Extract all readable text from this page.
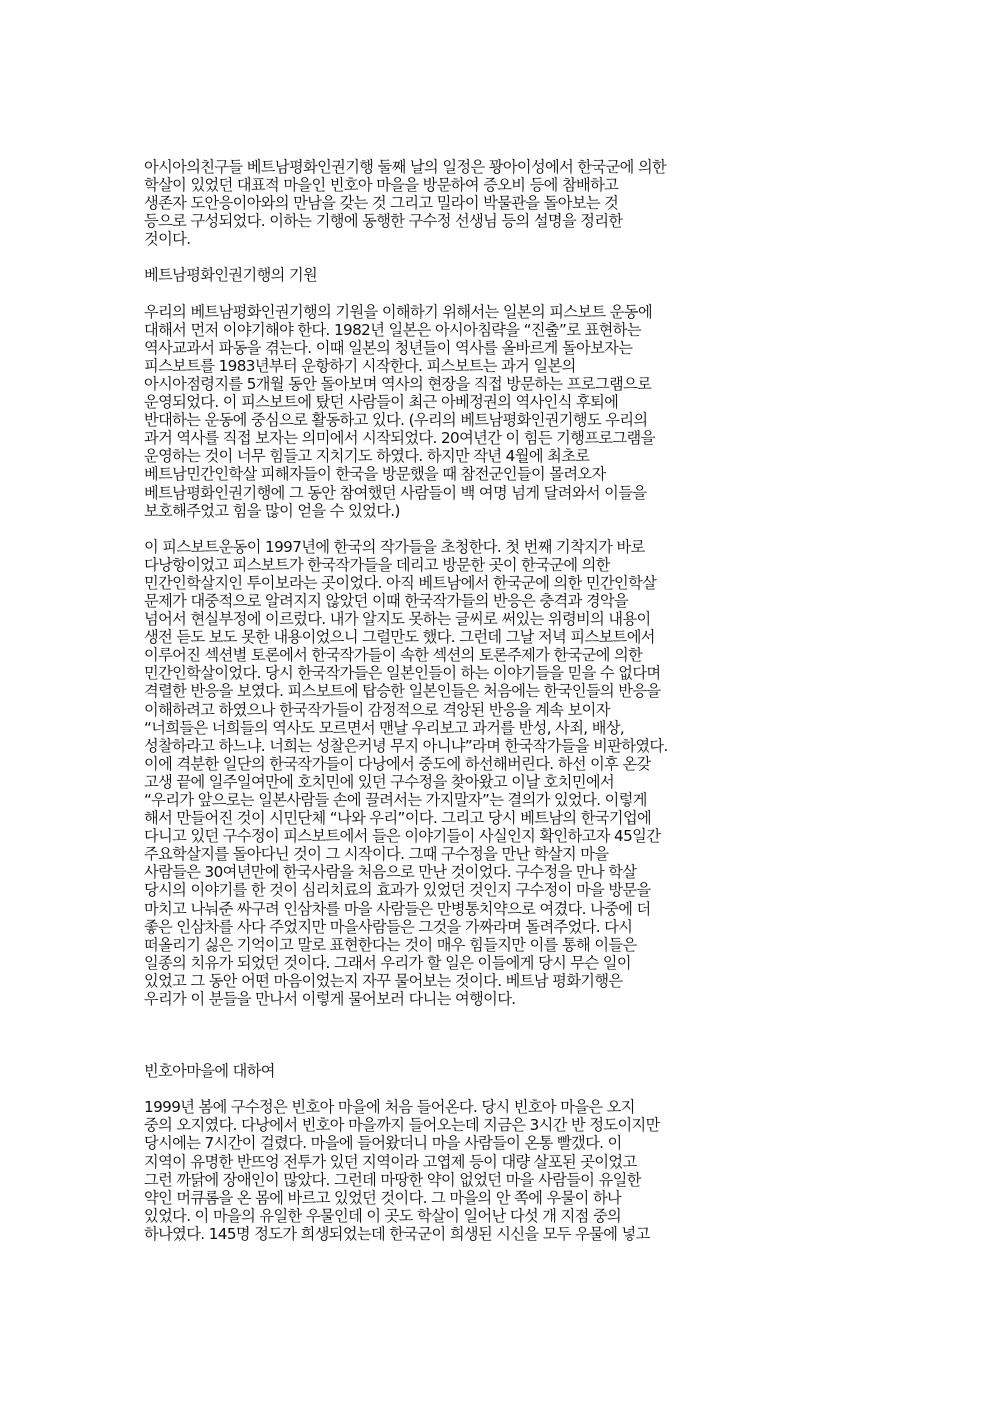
아시아의친구들 베트남평화인권기행 둘째 날의 일정은 꽝아이성에서 한국군에 의한
학살이 있었던 대표적 마을인 빈호아 마을을 방문하여 증오비 등에 참배하고
생존자 도안응이아와의 만남을 갖는 것 그리고 밀라이 박물관을 돌아보는 것
등으로 구성되었다. 이하는 기행에 동행한 구수정 선생님 등의 설명을 정리한
것이다.
베트남평화인권기행의 기원
우리의 베트남평화인권기행의 기원을 이해하기 위해서는 일본의 피스보트 운동에
대해서 먼저 이야기해야 한다. 1982년 일본은 아시아침략을 “진출”로 표현하는
역사교과서 파동을 겪는다. 이때 일본의 청년들이 역사를 올바르게 돌아보자는
피스보트를 1983년부터 운항하기 시작한다. 피스보트는 과거 일본의
아시아점령지를 5개월 동안 돌아보며 역사의 현장을 직접 방문하는 프로그램으로
운영되었다. 이 피스보트에 탔던 사람들이 최근 아베정권의 역사인식 후퇴에
반대하는 운동에 중심으로 활동하고 있다. (우리의 베트남평화인권기행도 우리의
과거 역사를 직접 보자는 의미에서 시작되었다. 20여년간 이 힘든 기행프로그램을
운영하는 것이 너무 힘들고 지치기도 하였다. 하지만 작년 4월에 최초로
베트남민간인학살 피해자들이 한국을 방문했을 때 참전군인들이 몰려오자
베트남평화인권기행에 그 동안 참여했던 사람들이 백 여명 넘게 달려와서 이들을
보호해주었고 힘을 많이 얻을 수 있었다.)
이 피스보트운동이 1997년에 한국의 작가들을 초청한다. 첫 번째 기착지가 바로
다낭항이었고 피스보트가 한국작가들을 데리고 방문한 곳이 한국군에 의한
민간인학살지인 투이보라는 곳이었다. 아직 베트남에서 한국군에 의한 민간인학살
문제가 대중적으로 알려지지 않았던 이때 한국작가들의 반응은 충격과 경악을
넘어서 현실부정에 이르렀다. 내가 알지도 못하는 글씨로 써있는 위령비의 내용이
생전 듣도 보도 못한 내용이었으니 그럴만도 했다. 그런데 그날 저녁 피스보트에서
이루어진 섹션별 토론에서 한국작가들이 속한 섹션의 토론주제가 한국군에 의한
민간인학살이었다. 당시 한국작가들은 일본인들이 하는 이야기들을 믿을 수 없다며
격렬한 반응을 보였다. 피스보트에 탑승한 일본인들은 처음에는 한국인들의 반응을
이해하려고 하였으나 한국작가들이 감정적으로 격앙된 반응을 계속 보이자
“너희들은 너희들의 역사도 모르면서 맨날 우리보고 과거를 반성, 사죄, 배상,
성찰하라고 하느냐. 너희는 성찰은커녕 무지 아니냐”라며 한국작가들을 비판하였다.
이에 격분한 일단의 한국작가들이 다낭에서 중도에 하선해버린다. 하선 이후 온갖
고생 끝에 일주일여만에 호치민에 있던 구수정을 찾아왔고 이날 호치민에서
“우리가 앞으로는 일본사람들 손에 끌려서는 가지말자”는 결의가 있었다. 이렇게
해서 만들어진 것이 시민단체 “나와 우리”이다. 그리고 당시 베트남의 한국기업에
다니고 있던 구수정이 피스보트에서 들은 이야기들이 사실인지 확인하고자 45일간
주요학살지를 돌아다닌 것이 그 시작이다. 그때 구수정을 만난 학살지 마을
사람들은 30여년만에 한국사람을 처음으로 만난 것이었다. 구수정을 만나 학살
당시의 이야기를 한 것이 심리치료의 효과가 있었던 것인지 구수정이 마을 방문을
마치고 나눠준 싸구려 인삼차를 마을 사람들은 만병통치약으로 여겼다. 나중에 더
좋은 인삼차를 사다 주었지만 마을사람들은 그것을 가짜라며 돌려주었다. 다시
떠올리기 싫은 기억이고 말로 표현한다는 것이 매우 힘들지만 이를 통해 이들은
일종의 치유가 되었던 것이다. 그래서 우리가 할 일은 이들에게 당시 무슨 일이
있었고 그 동안 어떤 마음이었는지 자꾸 물어보는 것이다. 베트남 평화기행은
우리가 이 분들을 만나서 이렇게 물어보러 다니는 여행이다.
빈호아마을에 대하여
1999년 봄에 구수정은 빈호아 마을에 처음 들어온다. 당시 빈호아 마을은 오지
중의 오지였다. 다낭에서 빈호아 마을까지 들어오는데 지금은 3시간 반 정도이지만
당시에는 7시간이 걸렸다. 마을에 들어왔더니 마을 사람들이 온통 빨갰다. 이
지역이 유명한 반뜨엉 전투가 있던 지역이라 고엽제 등이 대량 살포된 곳이었고
그런 까닭에 장애인이 많았다. 그런데 마땅한 약이 없었던 마을 사람들이 유일한
약인 머큐롬을 온 몸에 바르고 있었던 것이다. 그 마을의 안 쪽에 우물이 하나
있었다. 이 마을의 유일한 우물인데 이 곳도 학살이 일어난 다섯 개 지점 중의
하나였다. 145명 정도가 희생되었는데 한국군이 희생된 시신을 모두 우물에 넣고
